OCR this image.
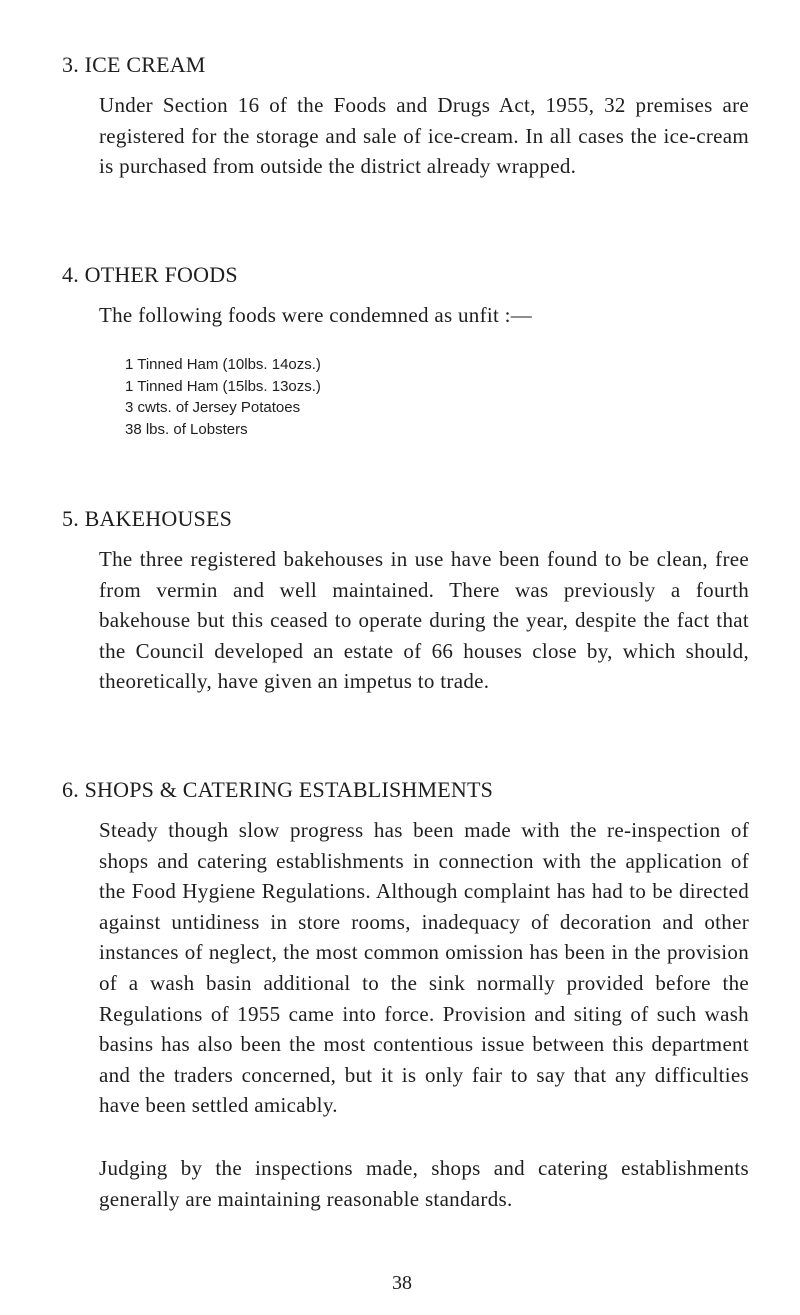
3. ICE CREAM

Under Section 16 of the Foods and Drugs Act, 1955, 32 premises are registered for the storage and sale of ice-cream. In all cases the ice-cream is purchased from outside the district already wrapped.

4. OTHER FOODS

The following foods were condemned as unfit :—

1 Tinned Ham (10lbs. 14ozs.)
1 Tinned Ham (15lbs. 13ozs.)
3 cwts. of Jersey Potatoes
38 lbs. of Lobsters
5. BAKEHOUSES

The three registered bakehouses in use have been found to be clean, free from vermin and well maintained. There was previously a fourth bakehouse but this ceased to operate during the year, despite the fact that the Council developed an estate of 66 houses close by, which should, theoretically, have given an impetus to trade.

6. SHOPS & CATERING ESTABLISHMENTS

Steady though slow progress has been made with the re-inspection of shops and catering establishments in connection with the application of the Food Hygiene Regulations. Although complaint has had to be directed against untidiness in store rooms, inadequacy of decoration and other instances of neglect, the most common omission has been in the provision of a wash basin additional to the sink normally provided before the Regulations of 1955 came into force. Provision and siting of such wash basins has also been the most contentious issue between this department and the traders concerned, but it is only fair to say that any difficulties have been settled amicably.

Judging by the inspections made, shops and catering establishments generally are maintaining reasonable standards.

38
